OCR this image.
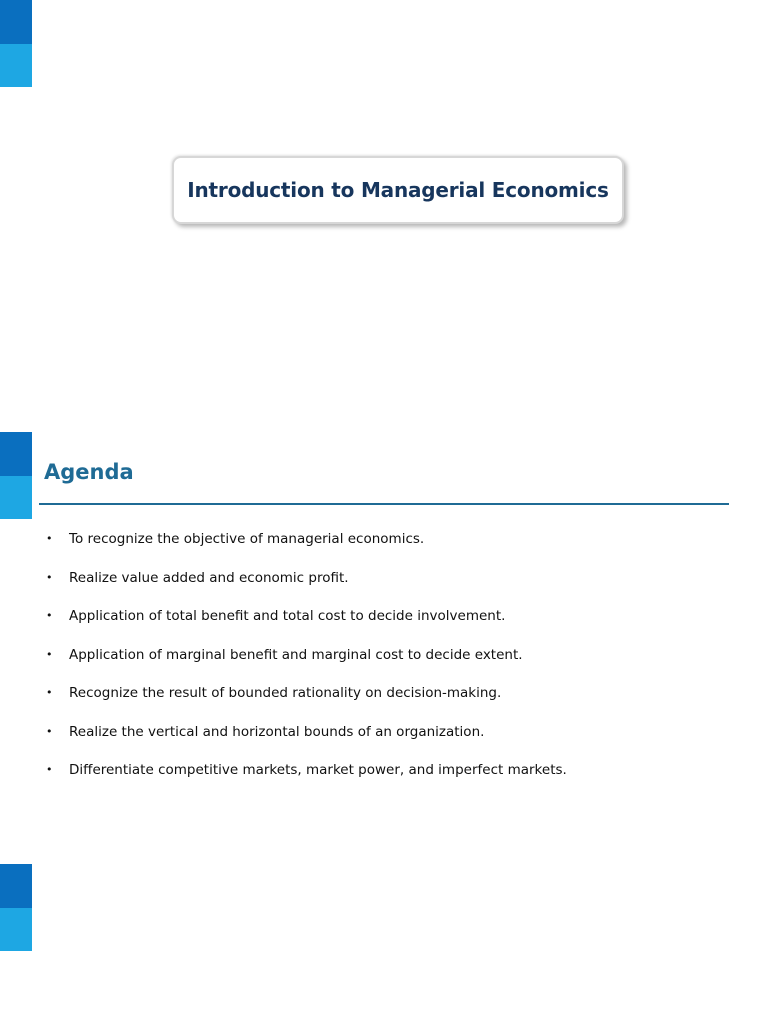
Introduction to Managerial Economics
Agenda
• To recognize the objective of managerial economics.
• Realize value added and economic profit.
• Application of total benefit and total cost to decide involvement.
• Application of marginal benefit and marginal cost to decide extent.
• Recognize the result of bounded rationality on decision-making.
• Realize the vertical and horizontal bounds of an organization.
• Differentiate competitive markets, market power, and imperfect markets.
